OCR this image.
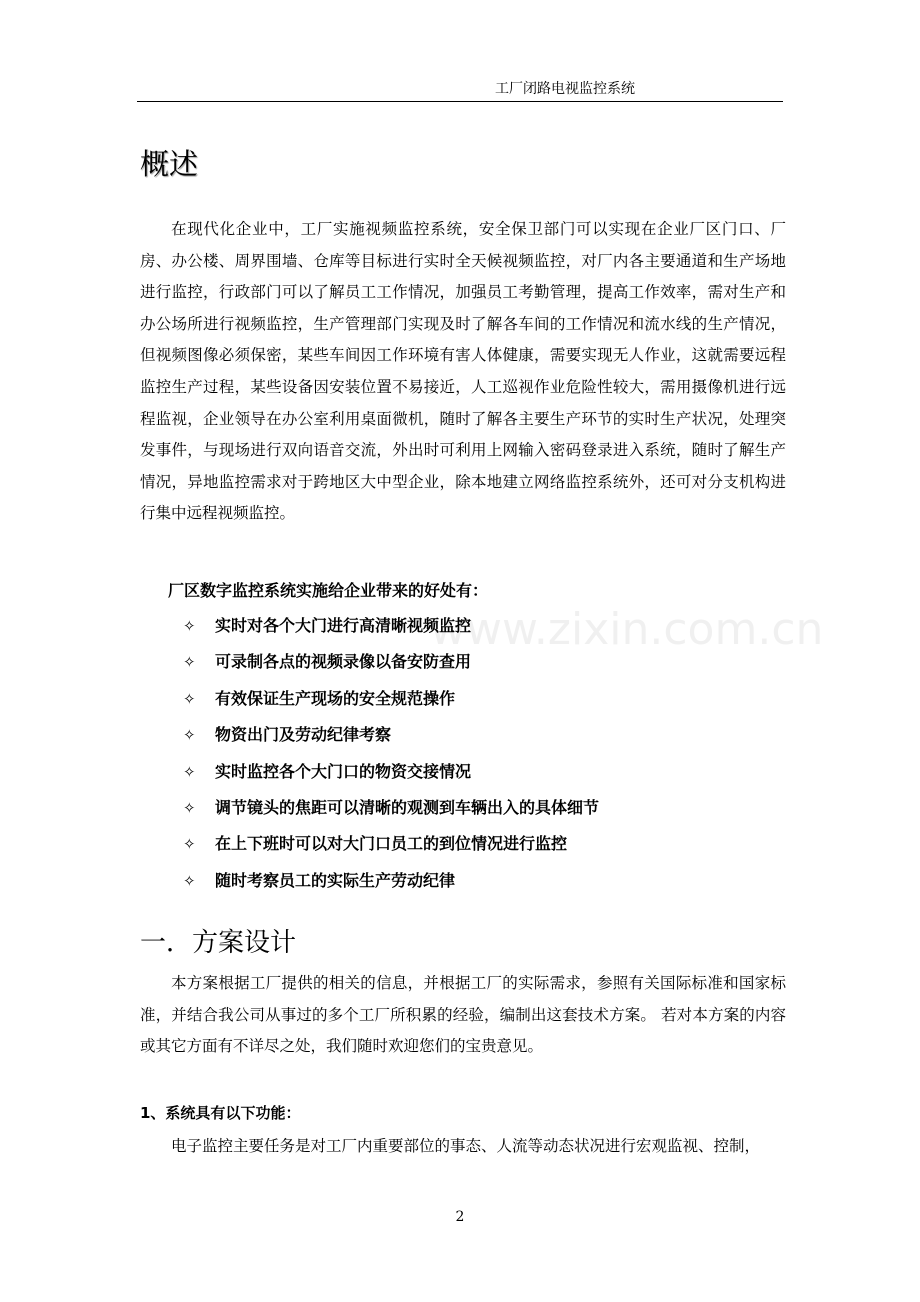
www.zixin.com.cn
工厂闭路电视监控系统
概述

在现代化企业中，工厂实施视频监控系统，安全保卫部门可以实现在企业厂区门口、厂房、办公楼、周界围墙、仓库等目标进行实时全天候视频监控，对厂内各主要通道和生产场地进行监控，行政部门可以了解员工工作情况，加强员工考勤管理，提高工作效率，需对生产和办公场所进行视频监控，生产管理部门实现及时了解各车间的工作情况和流水线的生产情况，但视频图像必须保密，某些车间因工作环境有害人体健康，需要实现无人作业，这就需要远程监控生产过程，某些设备因安装位置不易接近，人工巡视作业危险性较大，需用摄像机进行远程监视，企业领导在办公室利用桌面微机，随时了解各主要生产环节的实时生产状况，处理突发事件，与现场进行双向语音交流，外出时可利用上网输入密码登录进入系统，随时了解生产情况，异地监控需求对于跨地区大中型企业，除本地建立网络监控系统外，还可对分支机构进行集中远程视频监控。

厂区数字监控系统实施给企业带来的好处有：
✧	实时对各个大门进行高清晰视频监控
✧	可录制各点的视频录像以备安防查用
✧	有效保证生产现场的安全规范操作
✧	物资出门及劳动纪律考察
✧	实时监控各个大门口的物资交接情况
✧	调节镜头的焦距可以清晰的观测到车辆出入的具体细节
✧	在上下班时可以对大门口员工的到位情况进行监控
✧	随时考察员工的实际生产劳动纪律
一．方案设计

本方案根据工厂提供的相关的信息，并根据工厂的实际需求，参照有关国际标准和国家标准，并结合我公司从事过的多个工厂所积累的经验，编制出这套技术方案。 若对本方案的内容或其它方面有不详尽之处，我们随时欢迎您们的宝贵意见。

1、系统具有以下功能：

电子监控主要任务是对工厂内重要部位的事态、人流等动态状况进行宏观监视、控制，

2
